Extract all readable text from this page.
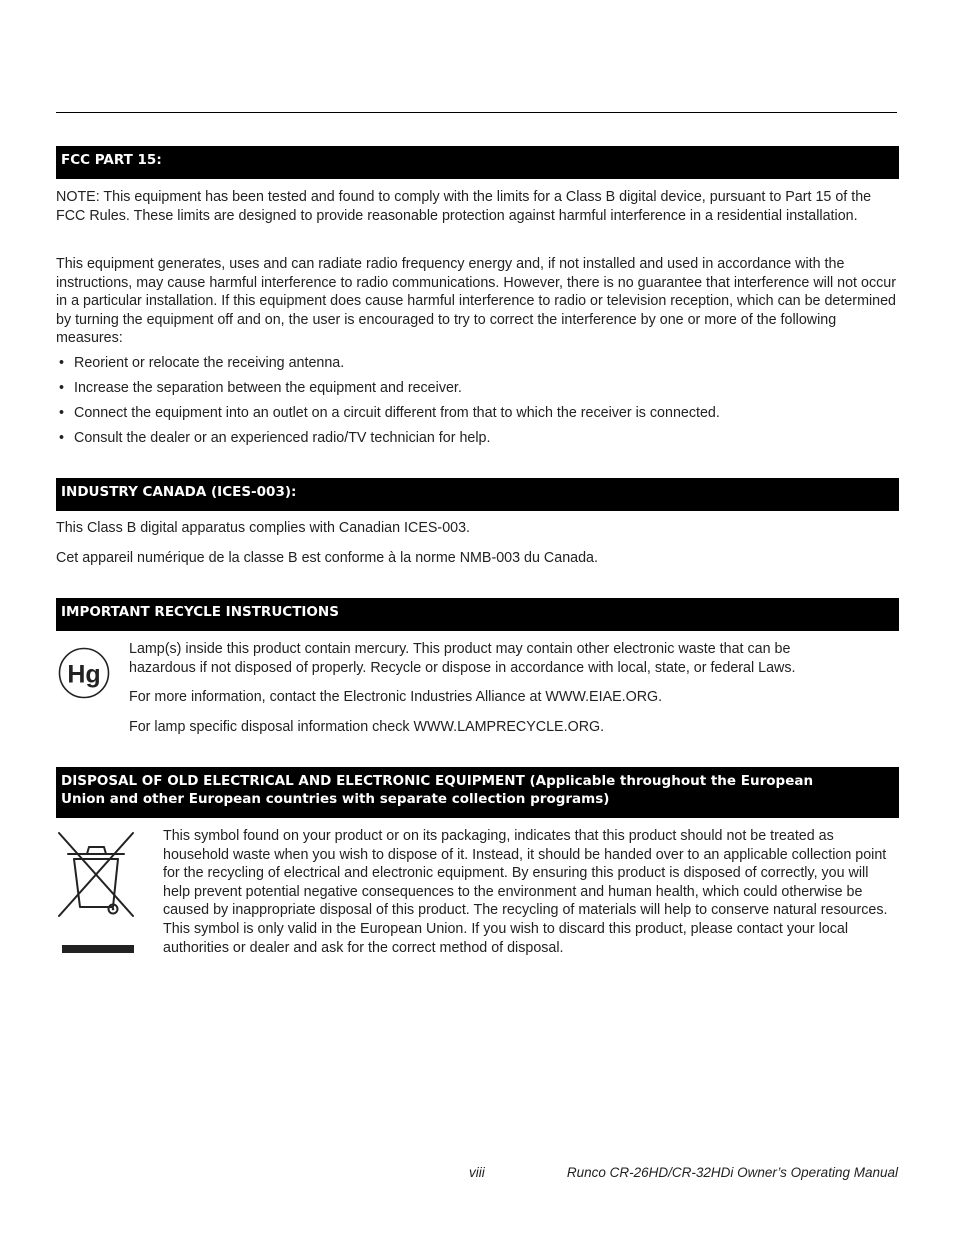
FCC PART 15:

NOTE: This equipment has been tested and found to comply with the limits for a Class B digital device, pursuant to Part 15 of the FCC Rules. These limits are designed to provide reasonable protection against harmful interference in a residential installation.

This equipment generates, uses and can radiate radio frequency energy and, if not installed and used in accordance with the instructions, may cause harmful interference to radio communications. However, there is no guarantee that interference will not occur in a particular installation. If this equipment does cause harmful interference to radio or television reception, which can be determined by turning the equipment off and on, the user is encouraged to try to correct the interference by one or more of the following measures:

• Reorient or relocate the receiving antenna.
• Increase the separation between the equipment and receiver.
• Connect the equipment into an outlet on a circuit different from that to which the receiver is connected.
• Consult the dealer or an experienced radio/TV technician for help.
INDUSTRY CANADA (ICES-003):

This Class B digital apparatus complies with Canadian ICES-003.

Cet appareil numérique de la classe B est conforme à la norme NMB-003 du Canada.

IMPORTANT RECYCLE INSTRUCTIONS
Hg

Lamp(s) inside this product contain mercury. This product may contain other electronic waste that can be hazardous if not disposed of properly. Recycle or dispose in accordance with local, state, or federal Laws.

For more information, contact the Electronic Industries Alliance at WWW.EIAE.ORG.

For lamp specific disposal information check WWW.LAMPRECYCLE.ORG.

DISPOSAL OF OLD ELECTRICAL AND ELECTRONIC EQUIPMENT (Applicable throughout the European
Union and other European countries with separate collection programs)

This symbol found on your product or on its packaging, indicates that this product should not be treated as household waste when you wish to dispose of it. Instead, it should be handed over to an applicable collection point for the recycling of electrical and electronic equipment. By ensuring this product is disposed of correctly, you will help prevent potential negative consequences to the environment and human health, which could otherwise be caused by inappropriate disposal of this product. The recycling of materials will help to conserve natural resources. This symbol is only valid in the European Union. If you wish to discard this product, please contact your local authorities or dealer and ask for the correct method of disposal.

viii	Runco CR-26HD/CR-32HDi Owner’s Operating Manual
